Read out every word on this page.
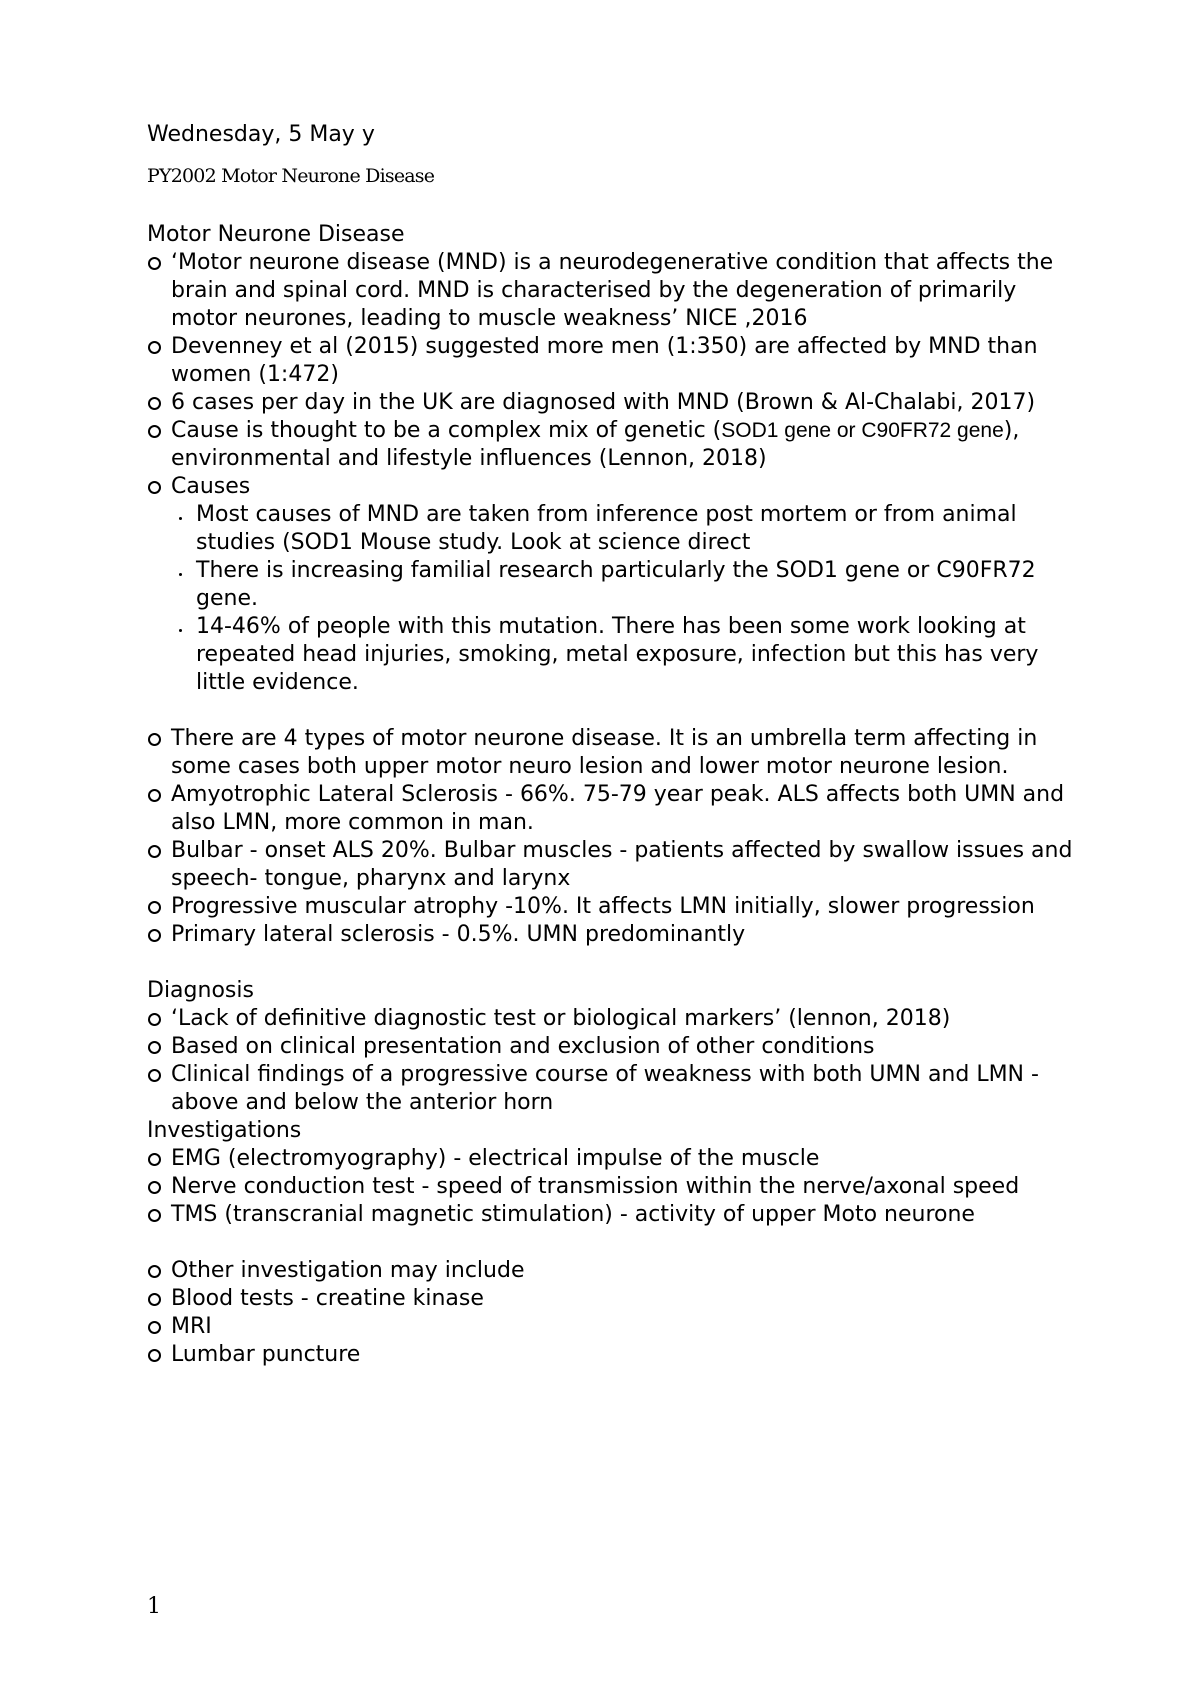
Wednesday, 5 May y
PY2002 Motor Neurone Disease
Motor Neurone Disease
‘Motor neurone disease (MND) is a neurodegenerative condition that affects the brain and spinal cord. MND is characterised by the degeneration of primarily motor neurones, leading to muscle weakness’ NICE ,2016
Devenney et al (2015) suggested more men (1:350) are affected by MND than women (1:472)
6 cases per day in the UK are diagnosed with MND (Brown & Al-Chalabi, 2017)
Cause is thought to be a complex mix of genetic (SOD1 gene or C90FR72 gene), environmental and lifestyle influences (Lennon, 2018)
Causes
Most causes of MND are taken from inference post mortem or from animal studies (SOD1 Mouse study. Look at science direct
There is increasing familial research particularly the SOD1 gene or C90FR72 gene.
14-46% of people with this mutation. There has been some work looking at repeated head injuries, smoking, metal exposure, infection but this has very little evidence.
There are 4 types of motor neurone disease. It is an umbrella term affecting in some cases both upper motor neuro lesion and lower motor neurone lesion.
Amyotrophic Lateral Sclerosis - 66%. 75-79 year peak. ALS affects both UMN and also LMN, more common in man.
Bulbar - onset ALS 20%. Bulbar muscles - patients affected by swallow issues and speech- tongue, pharynx and larynx
Progressive muscular atrophy -10%. It affects LMN initially, slower progression
Primary lateral sclerosis - 0.5%. UMN predominantly
Diagnosis
‘Lack of definitive diagnostic test or biological markers’ (lennon, 2018)
Based on clinical presentation and exclusion of other conditions
Clinical findings of a progressive course of weakness with both UMN and LMN - above and below the anterior horn
Investigations
EMG (electromyography) - electrical impulse of the muscle
Nerve conduction test - speed of transmission within the nerve/axonal speed
TMS (transcranial magnetic stimulation) - activity of upper Moto neurone
Other investigation may include
Blood tests - creatine kinase
MRI
Lumbar puncture
1
